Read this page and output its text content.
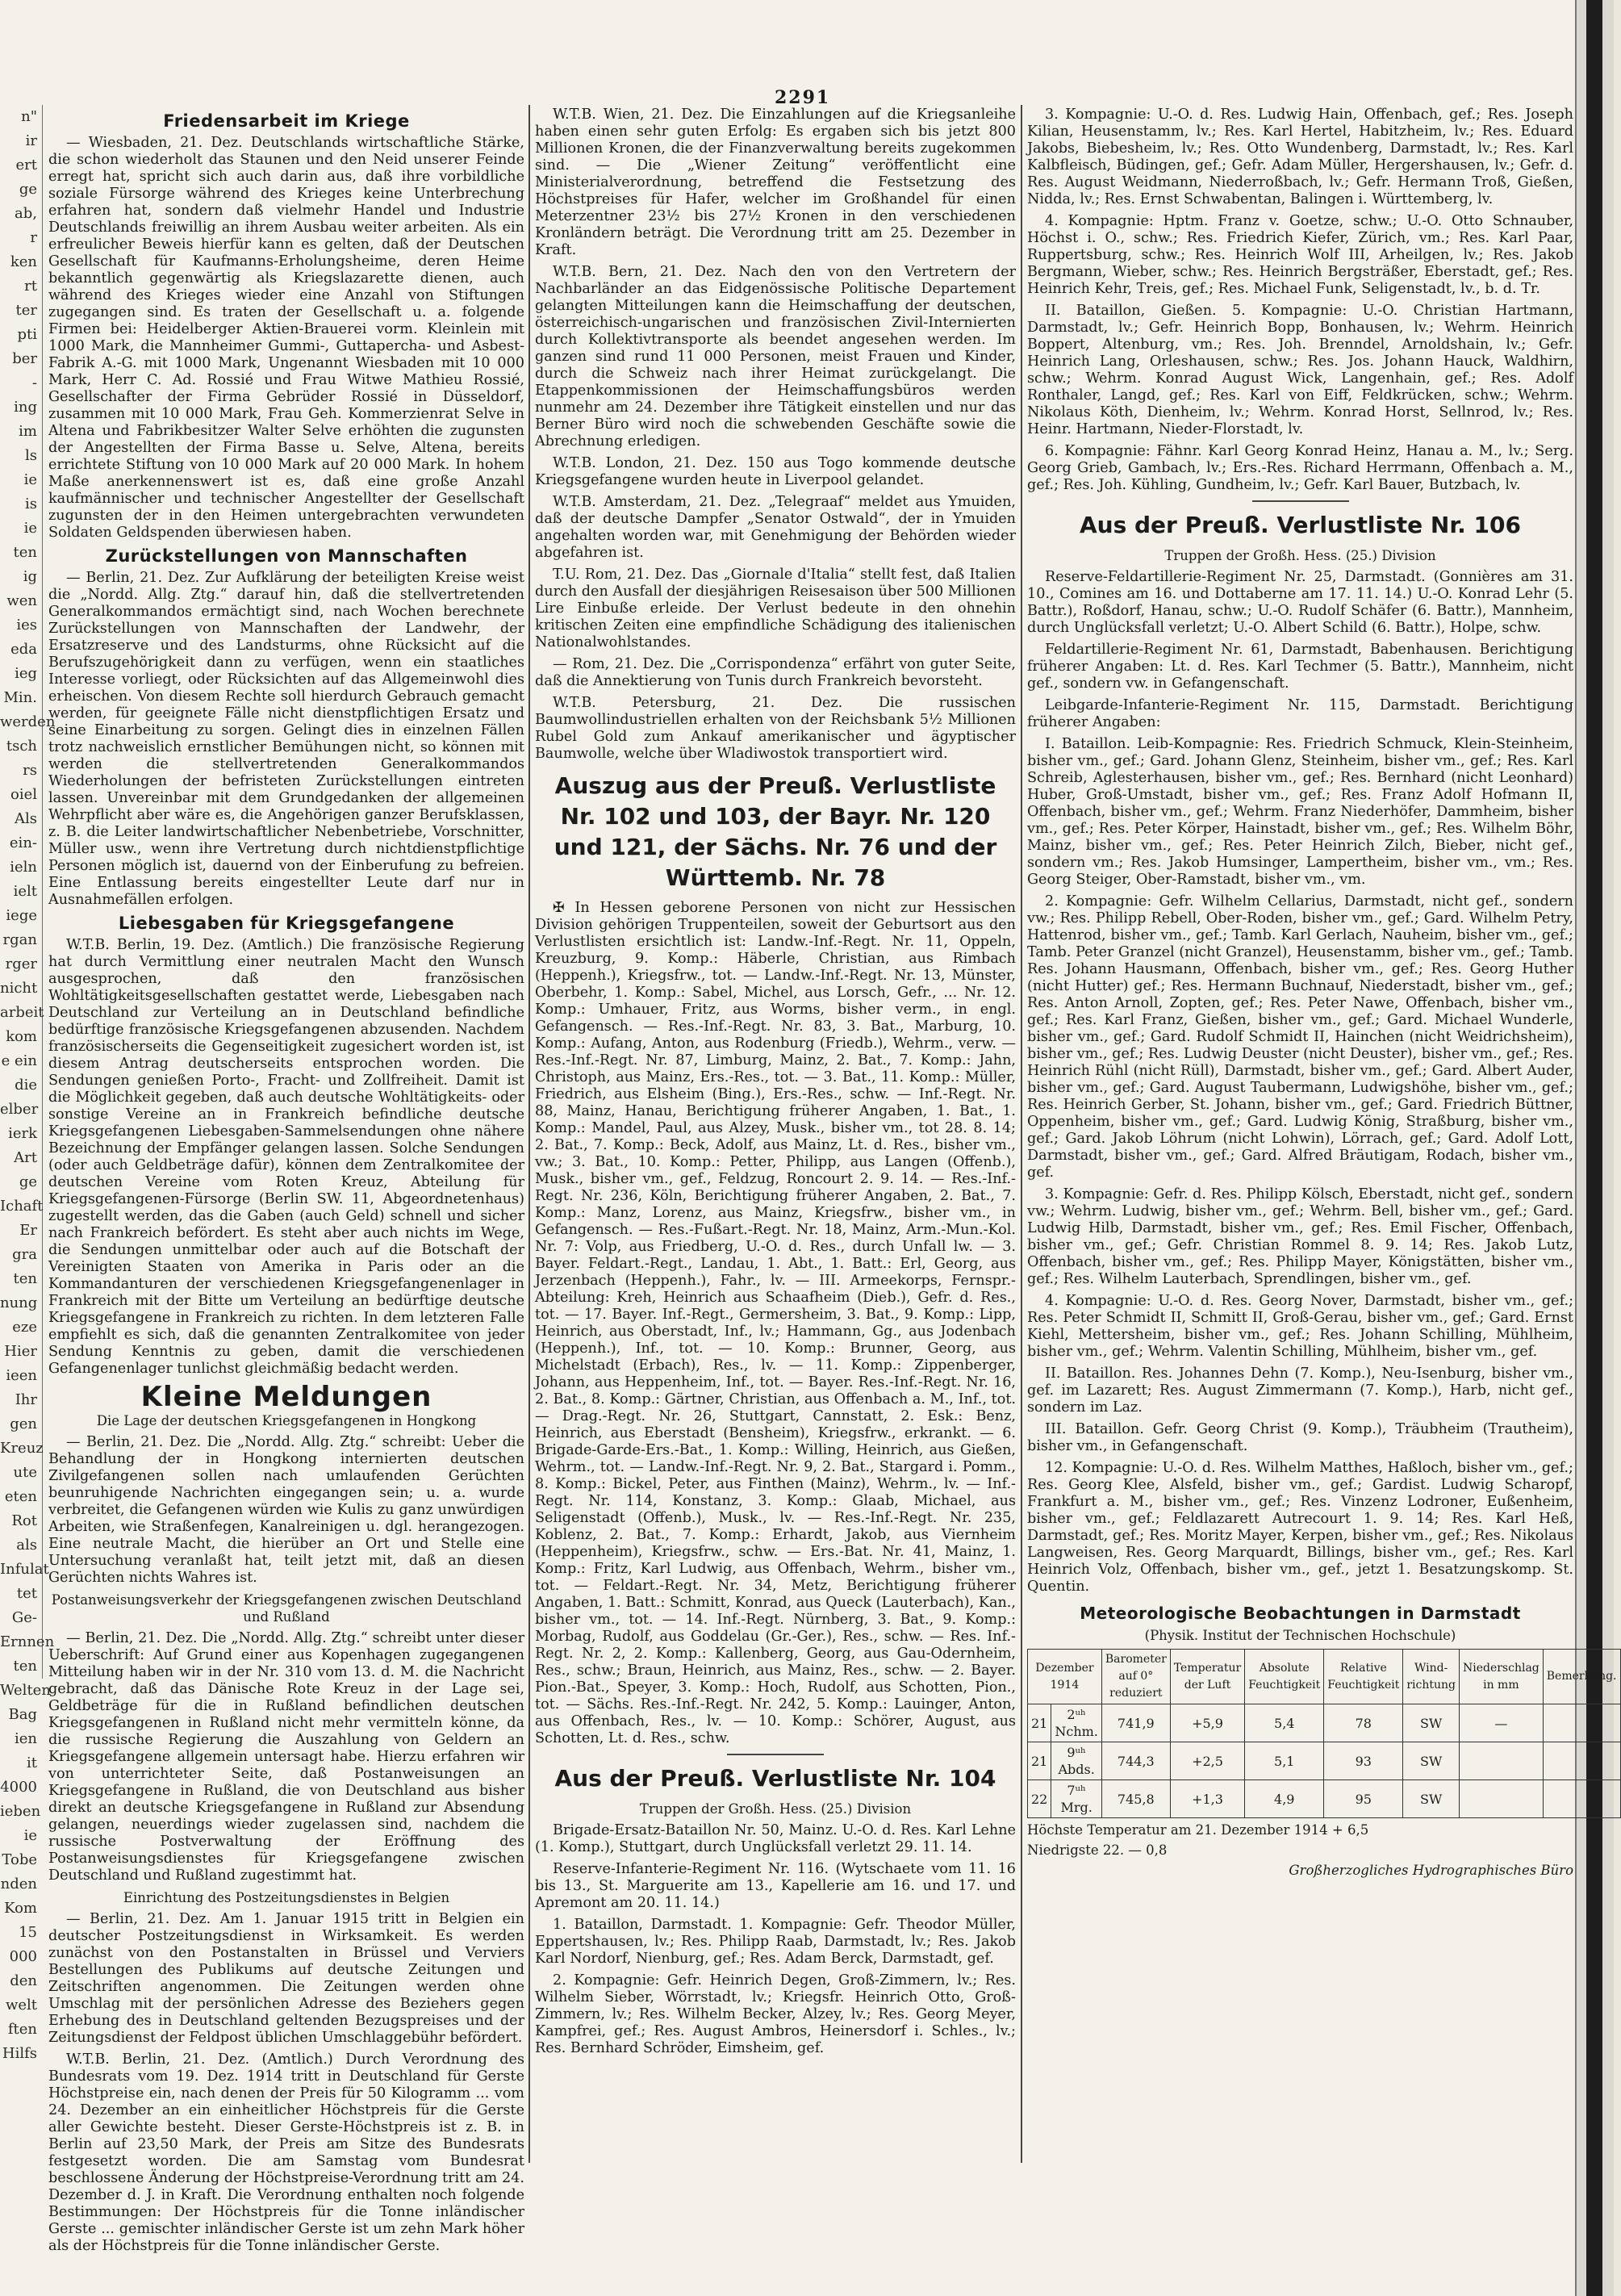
n"
ir
ert
ge
ab,
r
ken
rt
ter
pti
ber
-
ing
im
ls
ie
is
ie
ten
ig
wen
ies
eda
ieg
Min.
werden
tsch
rs
oiel
Als
ein-
ieln
ielt
iege
rgan
rger
nicht
arbeit
kom
e ein
die
elber
ierk
Art
ge
Ichaft
Er
gra
ten
nung
eze
Hier
ieen
Ihr
gen
Kreuz
ute
eten
Rot
als
Infulat
tet
Ge-
Ernnen
ten
Welten
Bag
ien
it 4000
ieben
ie
Tobe
nden
Kom
15 000
den
welt
ften
Hilfs
2291
Friedensarbeit im Kriege

— Wiesbaden, 21. Dez. Deutschlands wirtschaftliche Stärke, die schon wiederholt das Staunen und den Neid unserer Feinde erregt hat, spricht sich auch darin aus, daß ihre vorbildliche soziale Fürsorge während des Krieges keine Unterbrechung erfahren hat, sondern daß vielmehr Handel und Industrie Deutschlands freiwillig an ihrem Ausbau weiter arbeiten. Als ein erfreulicher Beweis hierfür kann es gelten, daß der Deutschen Gesellschaft für Kaufmanns-Erholungsheime, deren Heime bekanntlich gegenwärtig als Kriegslazarette dienen, auch während des Krieges wieder eine Anzahl von Stiftungen zugegangen sind. Es traten der Gesellschaft u. a. folgende Firmen bei: Heidelberger Aktien-Brauerei vorm. Kleinlein mit 1000 Mark, die Mannheimer Gummi-, Guttapercha- und Asbest-Fabrik A.-G. mit 1000 Mark, Ungenannt Wiesbaden mit 10 000 Mark, Herr C. Ad. Rossié und Frau Witwe Mathieu Rossié, Gesellschafter der Firma Gebrüder Rossié in Düsseldorf, zusammen mit 10 000 Mark, Frau Geh. Kommerzienrat Selve in Altena und Fabrikbesitzer Walter Selve erhöhten die zugunsten der Angestellten der Firma Basse u. Selve, Altena, bereits errichtete Stiftung von 10 000 Mark auf 20 000 Mark. In hohem Maße anerkennenswert ist es, daß eine große Anzahl kaufmännischer und technischer Angestellter der Gesellschaft zugunsten der in den Heimen untergebrachten verwundeten Soldaten Geldspenden überwiesen haben.

Zurückstellungen von Mannschaften

— Berlin, 21. Dez. Zur Aufklärung der beteiligten Kreise weist die „Nordd. Allg. Ztg.“ darauf hin, daß die stellvertretenden Generalkommandos ermächtigt sind, nach Wochen berechnete Zurückstellungen von Mannschaften der Landwehr, der Ersatzreserve und des Landsturms, ohne Rücksicht auf die Berufszugehörigkeit dann zu verfügen, wenn ein staatliches Interesse vorliegt, oder Rücksichten auf das Allgemeinwohl dies erheischen. Von diesem Rechte soll hierdurch Gebrauch gemacht werden, für geeignete Fälle nicht dienstpflichtigen Ersatz und seine Einarbeitung zu sorgen. Gelingt dies in einzelnen Fällen trotz nachweislich ernstlicher Bemühungen nicht, so können mit werden die stellvertretenden Generalkommandos Wiederholungen der befristeten Zurückstellungen eintreten lassen. Unvereinbar mit dem Grundgedanken der allgemeinen Wehrpflicht aber wäre es, die Angehörigen ganzer Berufsklassen, z. B. die Leiter landwirtschaftlicher Nebenbetriebe, Vorschnitter, Müller usw., wenn ihre Vertretung durch nichtdienstpflichtige Personen möglich ist, dauernd von der Einberufung zu befreien. Eine Entlassung bereits eingestellter Leute darf nur in Ausnahmefällen erfolgen.

Liebesgaben für Kriegsgefangene

W.T.B. Berlin, 19. Dez. (Amtlich.) Die französische Regierung hat durch Vermittlung einer neutralen Macht den Wunsch ausgesprochen, daß den französischen Wohltätigkeitsgesellschaften gestattet werde, Liebesgaben nach Deutschland zur Verteilung an in Deutschland befindliche bedürftige französische Kriegsgefangenen abzusenden. Nachdem französischerseits die Gegenseitigkeit zugesichert worden ist, ist diesem Antrag deutscherseits entsprochen worden. Die Sendungen genießen Porto-, Fracht- und Zollfreiheit. Damit ist die Möglichkeit gegeben, daß auch deutsche Wohltätigkeits- oder sonstige Vereine an in Frankreich befindliche deutsche Kriegsgefangenen Liebesgaben-Sammelsendungen ohne nähere Bezeichnung der Empfänger gelangen lassen. Solche Sendungen (oder auch Geldbeträge dafür), können dem Zentralkomitee der deutschen Vereine vom Roten Kreuz, Abteilung für Kriegsgefangenen-Fürsorge (Berlin SW. 11, Abgeordnetenhaus) zugestellt werden, das die Gaben (auch Geld) schnell und sicher nach Frankreich befördert. Es steht aber auch nichts im Wege, die Sendungen unmittelbar oder auch auf die Botschaft der Vereinigten Staaten von Amerika in Paris oder an die Kommandanturen der verschiedenen Kriegsgefangenenlager in Frankreich mit der Bitte um Verteilung an bedürftige deutsche Kriegsgefangene in Frankreich zu richten. In dem letzteren Falle empfiehlt es sich, daß die genannten Zentralkomitee von jeder Sendung Kenntnis zu geben, damit die verschiedenen Gefangenenlager tunlichst gleichmäßig bedacht werden.

Kleine Meldungen

Die Lage der deutschen Kriegsgefangenen in Hongkong

— Berlin, 21. Dez. Die „Nordd. Allg. Ztg.“ schreibt: Ueber die Behandlung der in Hongkong internierten deutschen Zivilgefangenen sollen nach umlaufenden Gerüchten beunruhigende Nachrichten eingegangen sein; u. a. wurde verbreitet, die Gefangenen würden wie Kulis zu ganz unwürdigen Arbeiten, wie Straßenfegen, Kanalreinigen u. dgl. herangezogen. Eine neutrale Macht, die hierüber an Ort und Stelle eine Untersuchung veranlaßt hat, teilt jetzt mit, daß an diesen Gerüchten nichts Wahres ist.

Postanweisungsverkehr der Kriegsgefangenen zwischen Deutschland und Rußland

— Berlin, 21. Dez. Die „Nordd. Allg. Ztg.“ schreibt unter dieser Ueberschrift: Auf Grund einer aus Kopenhagen zugegangenen Mitteilung haben wir in der Nr. 310 vom 13. d. M. die Nachricht gebracht, daß das Dänische Rote Kreuz in der Lage sei, Geldbeträge für die in Rußland befindlichen deutschen Kriegsgefangenen in Rußland nicht mehr vermitteln könne, da die russische Regierung die Auszahlung von Geldern an Kriegsgefangene allgemein untersagt habe. Hierzu erfahren wir von unterrichteter Seite, daß Postanweisungen an Kriegsgefangene in Rußland, die von Deutschland aus bisher direkt an deutsche Kriegsgefangene in Rußland zur Absendung gelangen, neuerdings wieder zugelassen sind, nachdem die russische Postverwaltung der Eröffnung des Postanweisungsdienstes für Kriegsgefangene zwischen Deutschland und Rußland zugestimmt hat.

Einrichtung des Postzeitungsdienstes in Belgien

— Berlin, 21. Dez. Am 1. Januar 1915 tritt in Belgien ein deutscher Postzeitungsdienst in Wirksamkeit. Es werden zunächst von den Postanstalten in Brüssel und Verviers Bestellungen des Publikums auf deutsche Zeitungen und Zeitschriften angenommen. Die Zeitungen werden ohne Umschlag mit der persönlichen Adresse des Beziehers gegen Erhebung des in Deutschland geltenden Bezugspreises und der Zeitungsdienst der Feldpost üblichen Umschlaggebühr befördert.

W.T.B. Berlin, 21. Dez. (Amtlich.) Durch Verordnung des Bundesrats vom 19. Dez. 1914 tritt in Deutschland für Gerste Höchstpreise ein, nach denen der Preis für 50 Kilogramm ... vom 24. Dezember an ein einheitlicher Höchstpreis für die Gerste aller Gewichte besteht. Dieser Gerste-Höchstpreis ist z. B. in Berlin auf 23,50 Mark, der Preis am Sitze des Bundesrats festgesetzt worden. Die am Samstag vom Bundesrat beschlossene Änderung der Höchstpreise-Verordnung tritt am 24. Dezember d. J. in Kraft. Die Verordnung enthalten noch folgende Bestimmungen: Der Höchstpreis für die Tonne inländischer Gerste ... gemischter inländischer Gerste ist um zehn Mark höher als der Höchstpreis für die Tonne inländischer Gerste.

W.T.B. Wien, 21. Dez. Die Einzahlungen auf die Kriegsanleihe haben einen sehr guten Erfolg: Es ergaben sich bis jetzt 800 Millionen Kronen, die der Finanzverwaltung bereits zugekommen sind. — Die „Wiener Zeitung“ veröffentlicht eine Ministerialverordnung, betreffend die Festsetzung des Höchstpreises für Hafer, welcher im Großhandel für einen Meterzentner 23½ bis 27½ Kronen in den verschiedenen Kronländern beträgt. Die Verordnung tritt am 25. Dezember in Kraft.

W.T.B. Bern, 21. Dez. Nach den von den Vertretern der Nachbarländer an das Eidgenössische Politische Departement gelangten Mitteilungen kann die Heimschaffung der deutschen, österreichisch-ungarischen und französischen Zivil-Internierten durch Kollektivtransporte als beendet angesehen werden. Im ganzen sind rund 11 000 Personen, meist Frauen und Kinder, durch die Schweiz nach ihrer Heimat zurückgelangt. Die Etappenkommissionen der Heimschaffungsbüros werden nunmehr am 24. Dezember ihre Tätigkeit einstellen und nur das Berner Büro wird noch die schwebenden Geschäfte sowie die Abrechnung erledigen.

W.T.B. London, 21. Dez. 150 aus Togo kommende deutsche Kriegsgefangene wurden heute in Liverpool gelandet.

W.T.B. Amsterdam, 21. Dez. „Telegraaf“ meldet aus Ymuiden, daß der deutsche Dampfer „Senator Ostwald“, der in Ymuiden angehalten worden war, mit Genehmigung der Behörden wieder abgefahren ist.

T.U. Rom, 21. Dez. Das „Giornale d'Italia“ stellt fest, daß Italien durch den Ausfall der diesjährigen Reisesaison über 500 Millionen Lire Einbuße erleide. Der Verlust bedeute in den ohnehin kritischen Zeiten eine empfindliche Schädigung des italienischen Nationalwohlstandes.

— Rom, 21. Dez. Die „Corrispondenza“ erfährt von guter Seite, daß die Annektierung von Tunis durch Frankreich bevorsteht.

W.T.B. Petersburg, 21. Dez. Die russischen Baumwollindustriellen erhalten von der Reichsbank 5½ Millionen Rubel Gold zum Ankauf amerikanischer und ägyptischer Baumwolle, welche über Wladiwostok transportiert wird.

Auszug aus der Preuß. Verlustliste Nr. 102 und 103, der Bayr. Nr. 120 und 121, der Sächs. Nr. 76 und der Württemb. Nr. 78

✠ In Hessen geborene Personen von nicht zur Hessischen Division gehörigen Truppenteilen, soweit der Geburtsort aus den Verlustlisten ersichtlich ist: Landw.-Inf.-Regt. Nr. 11, Oppeln, Kreuzburg, 9. Komp.: Häberle, Christian, aus Rimbach (Heppenh.), Kriegsfrw., tot. — Landw.-Inf.-Regt. Nr. 13, Münster, Oberbehr, 1. Komp.: Sabel, Michel, aus Lorsch, Gefr., ... Nr. 12. Komp.: Umhauer, Fritz, aus Worms, bisher verm., in engl. Gefangensch. — Res.-Inf.-Regt. Nr. 83, 3. Bat., Marburg, 10. Komp.: Aufang, Anton, aus Rodenburg (Friedb.), Wehrm., verw. — Res.-Inf.-Regt. Nr. 87, Limburg, Mainz, 2. Bat., 7. Komp.: Jahn, Christoph, aus Mainz, Ers.-Res., tot. — 3. Bat., 11. Komp.: Müller, Friedrich, aus Elsheim (Bing.), Ers.-Res., schw. — Inf.-Regt. Nr. 88, Mainz, Hanau, Berichtigung früherer Angaben, 1. Bat., 1. Komp.: Mandel, Paul, aus Alzey, Musk., bisher vm., tot 28. 8. 14; 2. Bat., 7. Komp.: Beck, Adolf, aus Mainz, Lt. d. Res., bisher vm., vw.; 3. Bat., 10. Komp.: Petter, Philipp, aus Langen (Offenb.), Musk., bisher vm., gef., Feldzug, Roncourt 2. 9. 14. — Res.-Inf.-Regt. Nr. 236, Köln, Berichtigung früherer Angaben, 2. Bat., 7. Komp.: Manz, Lorenz, aus Mainz, Kriegsfrw., bisher vm., in Gefangensch. — Res.-Fußart.-Regt. Nr. 18, Mainz, Arm.-Mun.-Kol. Nr. 7: Volp, aus Friedberg, U.-O. d. Res., durch Unfall lw. — 3. Bayer. Feldart.-Regt., Landau, 1. Abt., 1. Batt.: Erl, Georg, aus Jerzenbach (Heppenh.), Fahr., lv. — III. Armeekorps, Fernspr.-Abteilung: Kreh, Heinrich aus Schaafheim (Dieb.), Gefr. d. Res., tot. — 17. Bayer. Inf.-Regt., Germersheim, 3. Bat., 9. Komp.: Lipp, Heinrich, aus Oberstadt, Inf., lv.; Hammann, Gg., aus Jodenbach (Heppenh.), Inf., tot. — 10. Komp.: Brunner, Georg, aus Michelstadt (Erbach), Res., lv. — 11. Komp.: Zippenberger, Johann, aus Heppenheim, Inf., tot. — Bayer. Res.-Inf.-Regt. Nr. 16, 2. Bat., 8. Komp.: Gärtner, Christian, aus Offenbach a. M., Inf., tot. — Drag.-Regt. Nr. 26, Stuttgart, Cannstatt, 2. Esk.: Benz, Heinrich, aus Eberstadt (Bensheim), Kriegsfrw., erkrankt. — 6. Brigade-Garde-Ers.-Bat., 1. Komp.: Willing, Heinrich, aus Gießen, Wehrm., tot. — Landw.-Inf.-Regt. Nr. 9, 2. Bat., Stargard i. Pomm., 8. Komp.: Bickel, Peter, aus Finthen (Mainz), Wehrm., lv. — Inf.-Regt. Nr. 114, Konstanz, 3. Komp.: Glaab, Michael, aus Seligenstadt (Offenb.), Musk., lv. — Res.-Inf.-Regt. Nr. 235, Koblenz, 2. Bat., 7. Komp.: Erhardt, Jakob, aus Viernheim (Heppenheim), Kriegsfrw., schw. — Ers.-Bat. Nr. 41, Mainz, 1. Komp.: Fritz, Karl Ludwig, aus Offenbach, Wehrm., bisher vm., tot. — Feldart.-Regt. Nr. 34, Metz, Berichtigung früherer Angaben, 1. Batt.: Schmitt, Konrad, aus Queck (Lauterbach), Kan., bisher vm., tot. — 14. Inf.-Regt. Nürnberg, 3. Bat., 9. Komp.: Morbag, Rudolf, aus Goddelau (Gr.-Ger.), Res., schw. — Res. Inf.-Regt. Nr. 2, 2. Komp.: Kallenberg, Georg, aus Gau-Odernheim, Res., schw.; Braun, Heinrich, aus Mainz, Res., schw. — 2. Bayer. Pion.-Bat., Speyer, 3. Komp.: Hoch, Rudolf, aus Schotten, Pion., tot. — Sächs. Res.-Inf.-Regt. Nr. 242, 5. Komp.: Lauinger, Anton, aus Offenbach, Res., lv. — 10. Komp.: Schörer, August, aus Schotten, Lt. d. Res., schw.

Aus der Preuß. Verlustliste Nr. 104

Truppen der Großh. Hess. (25.) Division

Brigade-Ersatz-Bataillon Nr. 50, Mainz. U.-O. d. Res. Karl Lehne (1. Komp.), Stuttgart, durch Unglücksfall verletzt 29. 11. 14.

Reserve-Infanterie-Regiment Nr. 116. (Wytschaete vom 11. 16 bis 13., St. Marguerite am 13., Kapellerie am 16. und 17. und Apremont am 20. 11. 14.)

1. Bataillon, Darmstadt. 1. Kompagnie: Gefr. Theodor Müller, Eppertshausen, lv.; Res. Philipp Raab, Darmstadt, lv.; Res. Jakob Karl Nordorf, Nienburg, gef.; Res. Adam Berck, Darmstadt, gef.

2. Kompagnie: Gefr. Heinrich Degen, Groß-Zimmern, lv.; Res. Wilhelm Sieber, Wörrstadt, lv.; Kriegsfr. Heinrich Otto, Groß-Zimmern, lv.; Res. Wilhelm Becker, Alzey, lv.; Res. Georg Meyer, Kampfrei, gef.; Res. August Ambros, Heinersdorf i. Schles., lv.; Res. Bernhard Schröder, Eimsheim, gef.

3. Kompagnie: U.-O. d. Res. Ludwig Hain, Offenbach, gef.; Res. Joseph Kilian, Heusenstamm, lv.; Res. Karl Hertel, Habitzheim, lv.; Res. Eduard Jakobs, Biebesheim, lv.; Res. Otto Wundenberg, Darmstadt, lv.; Res. Karl Kalbfleisch, Büdingen, gef.; Gefr. Adam Müller, Hergershausen, lv.; Gefr. d. Res. August Weidmann, Niederroßbach, lv.; Gefr. Hermann Troß, Gießen, Nidda, lv.; Res. Ernst Schwabentan, Balingen i. Württemberg, lv.

4. Kompagnie: Hptm. Franz v. Goetze, schw.; U.-O. Otto Schnauber, Höchst i. O., schw.; Res. Friedrich Kiefer, Zürich, vm.; Res. Karl Paar, Ruppertsburg, schw.; Res. Heinrich Wolf III, Arheilgen, lv.; Res. Jakob Bergmann, Wieber, schw.; Res. Heinrich Bergsträßer, Eberstadt, gef.; Res. Heinrich Kehr, Treis, gef.; Res. Michael Funk, Seligenstadt, lv., b. d. Tr.

II. Bataillon, Gießen. 5. Kompagnie: U.-O. Christian Hartmann, Darmstadt, lv.; Gefr. Heinrich Bopp, Bonhausen, lv.; Wehrm. Heinrich Boppert, Altenburg, vm.; Res. Joh. Brenndel, Arnoldshain, lv.; Gefr. Heinrich Lang, Orleshausen, schw.; Res. Jos. Johann Hauck, Waldhirn, schw.; Wehrm. Konrad August Wick, Langenhain, gef.; Res. Adolf Ronthaler, Langd, gef.; Res. Karl von Eiff, Feldkrücken, schw.; Wehrm. Nikolaus Köth, Dienheim, lv.; Wehrm. Konrad Horst, Sellnrod, lv.; Res. Heinr. Hartmann, Nieder-Florstadt, lv.

6. Kompagnie: Fähnr. Karl Georg Konrad Heinz, Hanau a. M., lv.; Serg. Georg Grieb, Gambach, lv.; Ers.-Res. Richard Herrmann, Offenbach a. M., gef.; Res. Joh. Kühling, Gundheim, lv.; Gefr. Karl Bauer, Butzbach, lv.

Aus der Preuß. Verlustliste Nr. 106

Truppen der Großh. Hess. (25.) Division

Reserve-Feldartillerie-Regiment Nr. 25, Darmstadt. (Gonnières am 31. 10., Comines am 16. und Dottaberne am 17. 11. 14.) U.-O. Konrad Lehr (5. Battr.), Roßdorf, Hanau, schw.; U.-O. Rudolf Schäfer (6. Battr.), Mannheim, durch Unglücksfall verletzt; U.-O. Albert Schild (6. Battr.), Holpe, schw.

Feldartillerie-Regiment Nr. 61, Darmstadt, Babenhausen. Berichtigung früherer Angaben: Lt. d. Res. Karl Techmer (5. Battr.), Mannheim, nicht gef., sondern vw. in Gefangenschaft.

Leibgarde-Infanterie-Regiment Nr. 115, Darmstadt. Berichtigung früherer Angaben:

I. Bataillon. Leib-Kompagnie: Res. Friedrich Schmuck, Klein-Steinheim, bisher vm., gef.; Gard. Johann Glenz, Steinheim, bisher vm., gef.; Res. Karl Schreib, Aglesterhausen, bisher vm., gef.; Res. Bernhard (nicht Leonhard) Huber, Groß-Umstadt, bisher vm., gef.; Res. Franz Adolf Hofmann II, Offenbach, bisher vm., gef.; Wehrm. Franz Niederhöfer, Dammheim, bisher vm., gef.; Res. Peter Körper, Hainstadt, bisher vm., gef.; Res. Wilhelm Böhr, Mainz, bisher vm., gef.; Res. Peter Heinrich Zilch, Bieber, nicht gef., sondern vm.; Res. Jakob Humsinger, Lampertheim, bisher vm., vm.; Res. Georg Steiger, Ober-Ramstadt, bisher vm., vm.

2. Kompagnie: Gefr. Wilhelm Cellarius, Darmstadt, nicht gef., sondern vw.; Res. Philipp Rebell, Ober-Roden, bisher vm., gef.; Gard. Wilhelm Petry, Hattenrod, bisher vm., gef.; Tamb. Karl Gerlach, Nauheim, bisher vm., gef.; Tamb. Peter Granzel (nicht Granzel), Heusenstamm, bisher vm., gef.; Tamb. Res. Johann Hausmann, Offenbach, bisher vm., gef.; Res. Georg Huther (nicht Hutter) gef.; Res. Hermann Buchnauf, Niederstadt, bisher vm., gef.; Res. Anton Arnoll, Zopten, gef.; Res. Peter Nawe, Offenbach, bisher vm., gef.; Res. Karl Franz, Gießen, bisher vm., gef.; Gard. Michael Wunderle, bisher vm., gef.; Gard. Rudolf Schmidt II, Hainchen (nicht Weidrichsheim), bisher vm., gef.; Res. Ludwig Deuster (nicht Deuster), bisher vm., gef.; Res. Heinrich Rühl (nicht Rüll), Darmstadt, bisher vm., gef.; Gard. Albert Auder, bisher vm., gef.; Gard. August Taubermann, Ludwigshöhe, bisher vm., gef.; Res. Heinrich Gerber, St. Johann, bisher vm., gef.; Gard. Friedrich Büttner, Oppenheim, bisher vm., gef.; Gard. Ludwig König, Straßburg, bisher vm., gef.; Gard. Jakob Löhrum (nicht Lohwin), Lörrach, gef.; Gard. Adolf Lott, Darmstadt, bisher vm., gef.; Gard. Alfred Bräutigam, Rodach, bisher vm., gef.

3. Kompagnie: Gefr. d. Res. Philipp Kölsch, Eberstadt, nicht gef., sondern vw.; Wehrm. Ludwig, bisher vm., gef.; Wehrm. Bell, bisher vm., gef.; Gard. Ludwig Hilb, Darmstadt, bisher vm., gef.; Res. Emil Fischer, Offenbach, bisher vm., gef.; Gefr. Christian Rommel 8. 9. 14; Res. Jakob Lutz, Offenbach, bisher vm., gef.; Res. Philipp Mayer, Königstätten, bisher vm., gef.; Res. Wilhelm Lauterbach, Sprendlingen, bisher vm., gef.

4. Kompagnie: U.-O. d. Res. Georg Nover, Darmstadt, bisher vm., gef.; Res. Peter Schmidt II, Schmitt II, Groß-Gerau, bisher vm., gef.; Gard. Ernst Kiehl, Mettersheim, bisher vm., gef.; Res. Johann Schilling, Mühlheim, bisher vm., gef.; Wehrm. Valentin Schilling, Mühlheim, bisher vm., gef.

II. Bataillon. Res. Johannes Dehn (7. Komp.), Neu-Isenburg, bisher vm., gef. im Lazarett; Res. August Zimmermann (7. Komp.), Harb, nicht gef., sondern im Laz.

III. Bataillon. Gefr. Georg Christ (9. Komp.), Träubheim (Trautheim), bisher vm., in Gefangenschaft.

12. Kompagnie: U.-O. d. Res. Wilhelm Matthes, Haßloch, bisher vm., gef.; Res. Georg Klee, Alsfeld, bisher vm., gef.; Gardist. Ludwig Scharopf, Frankfurt a. M., bisher vm., gef.; Res. Vinzenz Lodroner, Eußenheim, bisher vm., gef.; Feldlazarett Autrecourt 1. 9. 14; Res. Karl Heß, Darmstadt, gef.; Res. Moritz Mayer, Kerpen, bisher vm., gef.; Res. Nikolaus Langweisen, Res. Georg Marquardt, Billings, bisher vm., gef.; Res. Karl Heinrich Volz, Offenbach, bisher vm., gef., jetzt 1. Besatzungskomp. St. Quentin.

Meteorologische Beobachtungen in Darmstadt

(Physik. Institut der Technischen Hochschule)

Dezember 1914		Barometer auf 0° reduziert	Temperatur der Luft	Absolute Feuchtigkeit	Relative Feuchtigkeit	Wind-richtung	Niederschlag in mm	Bemerkung.
21	2ᵘʰ Nchm.	741,9	+5,9	5,4	78	SW	—	
21	9ᵘʰ Abds.	744,3	+2,5	5,1	93	SW		
22	7ᵘʰ Mrg.	745,8	+1,3	4,9	95	SW		

Höchste Temperatur am 21. Dezember 1914 + 6,5

Niedrigste 22. — 0,8

Großherzogliches Hydrographisches Büro
